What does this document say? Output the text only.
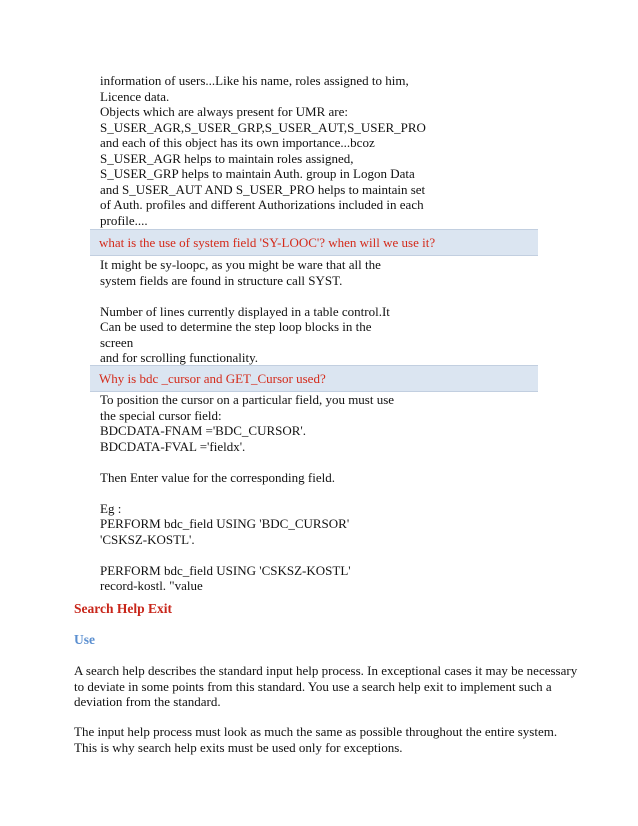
information of users...Like his name, roles assigned to him,
Licence data.
Objects which are always present for UMR are:
S_USER_AGR,S_USER_GRP,S_USER_AUT,S_USER_PRO
and each of this object has its own importance...bcoz
S_USER_AGR helps to maintain roles assigned,
S_USER_GRP helps to maintain Auth. group in Logon Data
and S_USER_AUT AND S_USER_PRO helps to maintain set
of Auth. profiles and different Authorizations included in each
profile....
what is the use of system field 'SY-LOOC'? when will we use it?
It might be sy-loopc, as you might be ware that all the
system fields are found in structure call SYST.

Number of lines currently displayed in a table control.It
Can be used to determine the step loop blocks in the
screen
and for scrolling functionality.
Why is bdc _cursor and GET_Cursor used?
To position the cursor on a particular field, you must use
the special cursor field:
BDCDATA-FNAM ='BDC_CURSOR'.
BDCDATA-FVAL ='fieldx'.

Then Enter value for the corresponding field.

Eg :
PERFORM bdc_field USING 'BDC_CURSOR'
'CSKSZ-KOSTL'.

PERFORM bdc_field USING 'CSKSZ-KOSTL'
record-kostl. "value
Search Help Exit
Use
A search help describes the standard input help process. In exceptional cases it may be necessary
to deviate in some points from this standard. You use a search help exit to implement such a
deviation from the standard.
The input help process must look as much the same as possible throughout the entire system.
This is why search help exits must be used only for exceptions.
